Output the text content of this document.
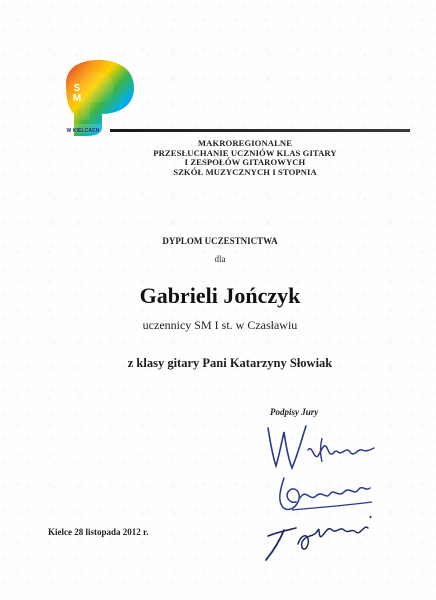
SM
W KIELCACH
MAKROREGIONALNE
PRZESŁUCHANIE UCZNIÓW KLAS GITARY
I ZESPOŁÓW GITAROWYCH
SZKÓŁ MUZYCZNYCH I STOPNIA
DYPLOM UCZESTNICTWA
dla
Gabrieli Jończyk
uczennicy SM I st. w Czasławiu
z klasy gitary Pani Katarzyny Słowiak
Podpisy Jury
Kielce 28 listopada 2012 r.
